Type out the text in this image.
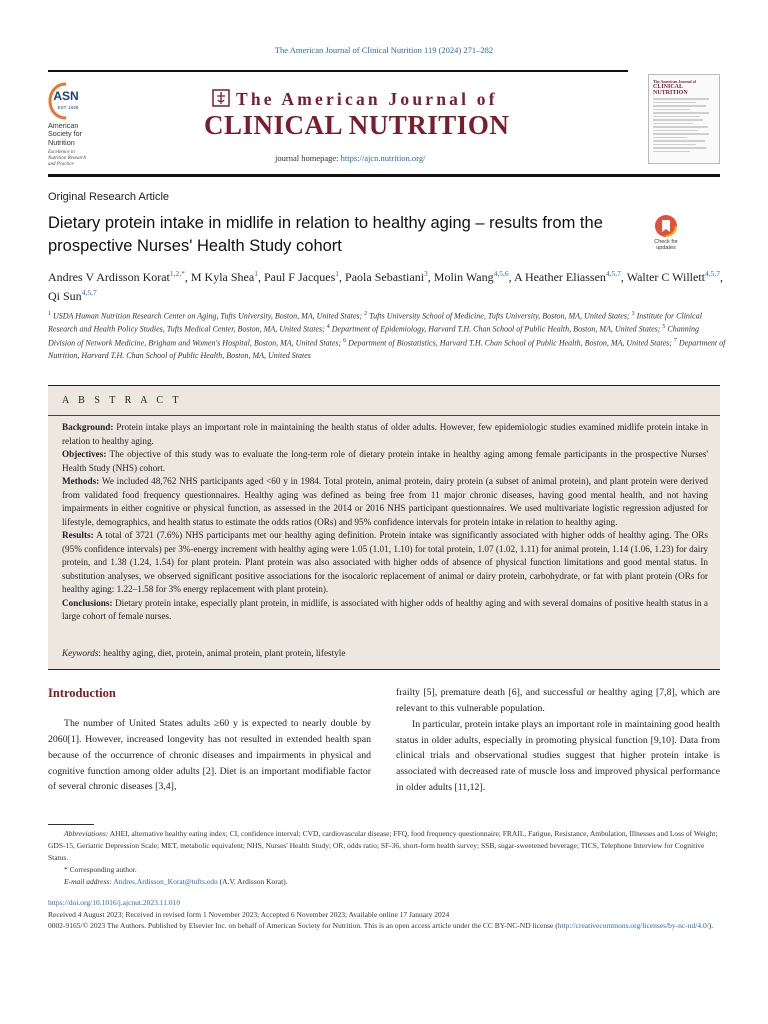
The American Journal of Clinical Nutrition 119 (2024) 271–282
ASN
EST. 1928
American
Society for
Nutrition
Excellence in
Nutrition Research
and Practice
The American Journal of
CLINICAL NUTRITION
journal homepage: https://ajcn.nutrition.org/
The American Journal of
CLINICAL NUTRITION
Original Research Article
Dietary protein intake in midlife in relation to healthy aging – results from the prospective Nurses' Health Study cohort	Check for updates
Andres V Ardisson Korat$^{1,2,*}$, M Kyla Shea$^1$, Paul F Jacques$^1$, Paola Sebastiani$^3$, Molin Wang$^{4,5,6}$, A Heather Eliassen$^{4,5,7}$, Walter C Willett$^{4,5,7}$, Qi Sun$^{4,5,7}$
$^1$ USDA Human Nutrition Research Center on Aging, Tufts University, Boston, MA, United States; $^2$ Tufts University School of Medicine, Tufts University, Boston, MA, United States; $^3$ Institute for Clinical Research and Health Policy Studies, Tufts Medical Center, Boston, MA, United States; $^4$ Department of Epidemiology, Harvard T.H. Chan School of Public Health, Boston, MA, United States; $^5$ Channing Division of Network Medicine, Brigham and Women's Hospital, Boston, MA, United States; $^6$ Department of Biostatistics, Harvard T.H. Chan School of Public Health, Boston, MA, United States; $^7$ Department of Nutrition, Harvard T.H. Chan School of Public Health, Boston, MA, United States
A B S T R A C T

Background: Protein intake plays an important role in maintaining the health status of older adults. However, few epidemiologic studies examined midlife protein intake in relation to healthy aging.

Objectives: The objective of this study was to evaluate the long-term role of dietary protein intake in healthy aging among female participants in the prospective Nurses' Health Study (NHS) cohort.

Methods: We included 48,762 NHS participants aged <60 y in 1984. Total protein, animal protein, dairy protein (a subset of animal protein), and plant protein were derived from validated food frequency questionnaires. Healthy aging was defined as being free from 11 major chronic diseases, having good mental health, and not having impairments in either cognitive or physical function, as assessed in the 2014 or 2016 NHS participant questionnaires. We used multivariate logistic regression adjusted for lifestyle, demographics, and health status to estimate the odds ratios (ORs) and 95% confidence intervals for protein intake in relation to healthy aging.

Results: A total of 3721 (7.6%) NHS participants met our healthy aging definition. Protein intake was significantly associated with higher odds of healthy aging. The ORs (95% confidence intervals) per 3%-energy increment with healthy aging were 1.05 (1.01, 1.10) for total protein, 1.07 (1.02, 1.11) for animal protein, 1.14 (1.06, 1.23) for dairy protein, and 1.38 (1.24, 1.54) for plant protein. Plant protein was also associated with higher odds of absence of physical function limitations and good mental status. In substitution analyses, we observed significant positive associations for the isocaloric replacement of animal or dairy protein, carbohydrate, or fat with plant protein (ORs for healthy aging: 1.22–1.58 for 3% energy replacement with plant protein).

Conclusions: Dietary protein intake, especially plant protein, in midlife, is associated with higher odds of healthy aging and with several domains of positive health status in a large cohort of female nurses.

Keywords: healthy aging, diet, protein, animal protein, plant protein, lifestyle
Introduction
The number of United States adults ≥60 y is expected to nearly double by 2060[1]. However, increased longevity has not resulted in extended health span because of the occurrence of chronic diseases and impairments in physical and cognitive function among older adults [2]. Diet is an important modifiable factor of several chronic diseases [3,4],

frailty [5], premature death [6], and successful or healthy aging [7,8], which are relevant to this vulnerable population.

In particular, protein intake plays an important role in maintaining good health status in older adults, especially in promoting physical function [9,10]. Data from clinical trials and observational studies suggest that higher protein intake is associated with decreased rate of muscle loss and improved physical performance in older adults [11,12].

Abbreviations: AHEI, alternative healthy eating index; CI, confidence interval; CVD, cardiovascular disease; FFQ, food frequency questionnaire; FRAIL, Fatigue, Resistance, Ambulation, Illnesses and Loss of Weight; GDS-15, Geriatric Depression Scale; MET, metabolic equivalent; NHS, Nurses' Health Study; OR, odds ratio; SF-36, short-form health survey; SSB, sugar-sweetened beverage; TICS, Telephone Interview for Cognitive Status.

* Corresponding author.

E-mail address: Andres.Ardisson_Korat@tufts.edu (A.V. Ardisson Korat).

https://doi.org/10.1016/j.ajcnut.2023.11.010
Received 4 August 2023; Received in revised form 1 November 2023; Accepted 6 November 2023; Available online 17 January 2024
0002-9165/© 2023 The Authors. Published by Elsevier Inc. on behalf of American Society for Nutrition. This is an open access article under the CC BY-NC-ND license (http://creativecommons.org/licenses/by-nc-nd/4.0/).
